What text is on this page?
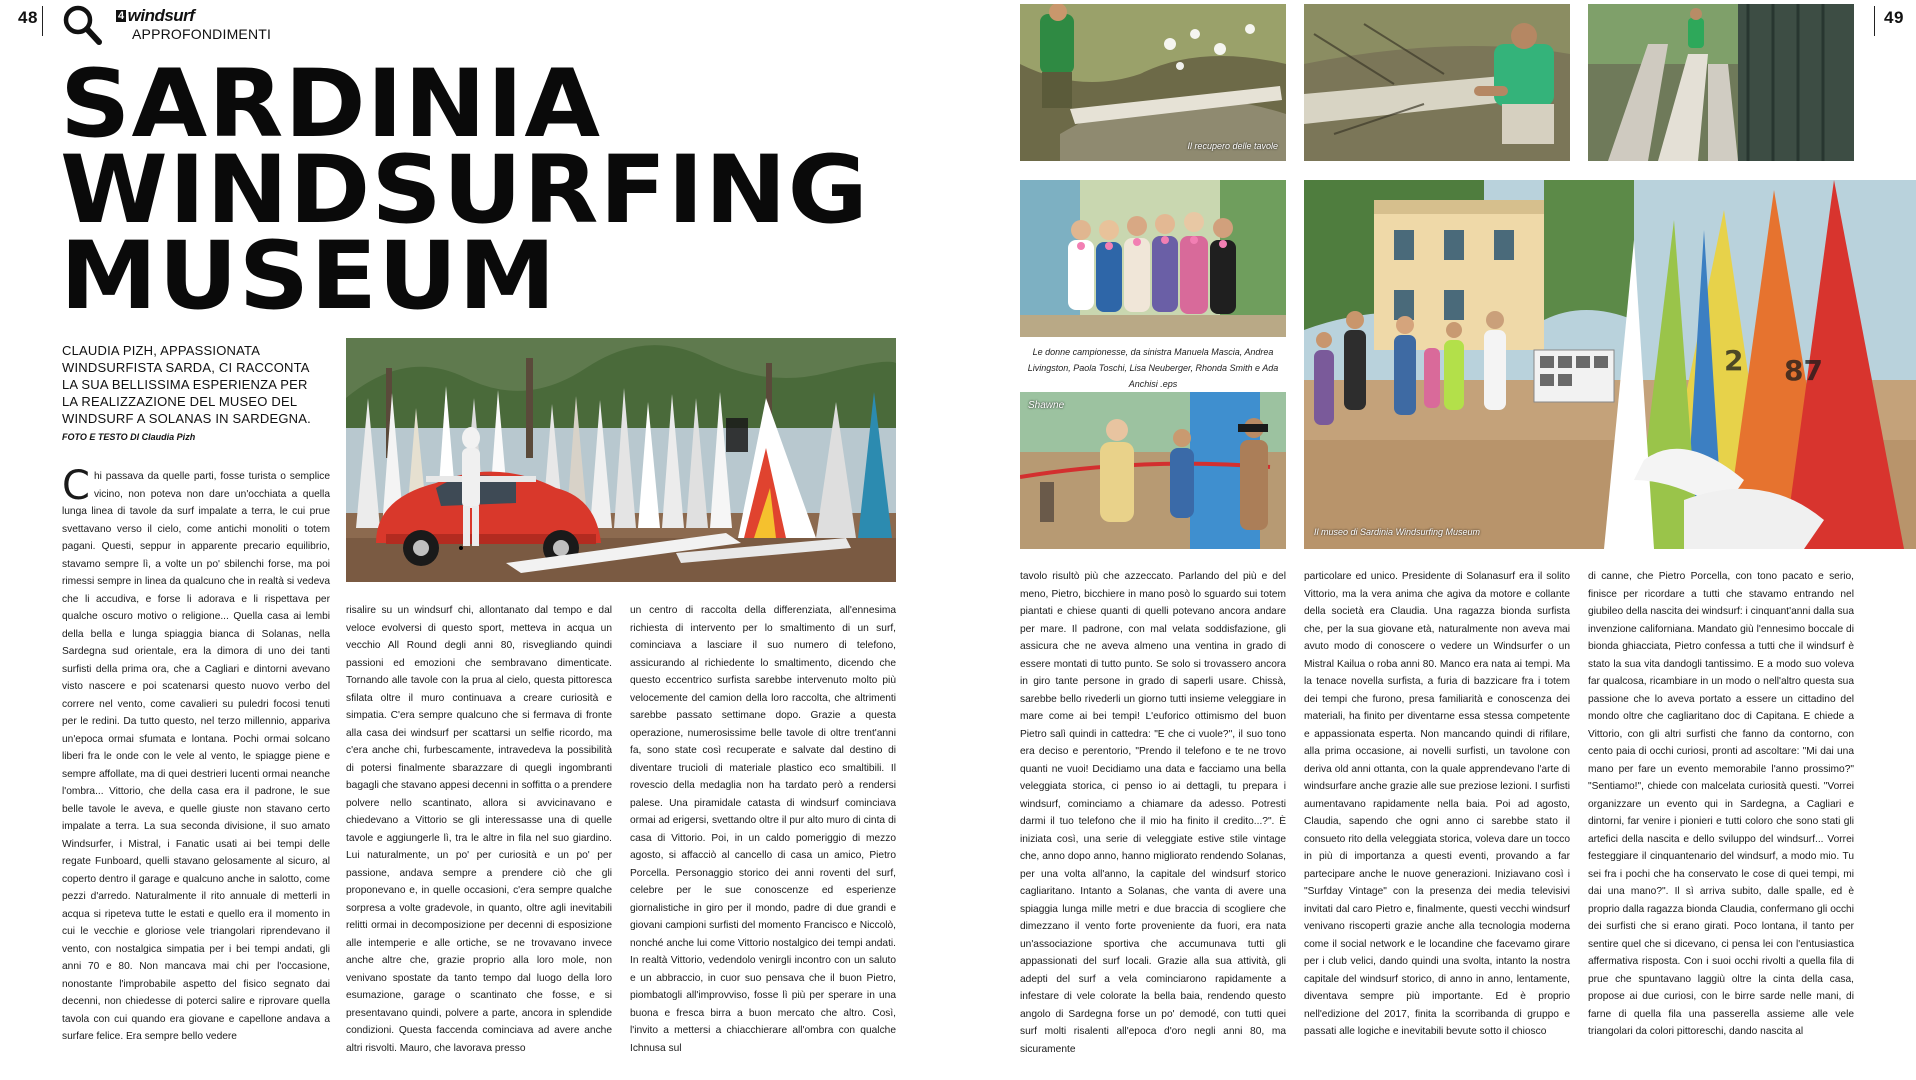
48	4 windsurf
APPROFONDIMENTI
SARDINIA
WINDSURFING
MUSEUM
CLAUDIA PIZH, APPASSIONATA WINDSURFISTA SARDA, CI RACCONTA LA SUA BELLISSIMA ESPERIENZA PER LA REALIZZAZIONE DEL MUSEO DEL WINDSURF A SOLANAS IN SARDEGNA.
FOTO E TESTO DI Claudia Pizh

Chi passava da quelle parti, fosse turista o semplice vicino, non poteva non dare un'occhiata a quella lunga linea di tavole da surf impalate a terra, le cui prue svettavano verso il cielo, come antichi monoliti o totem pagani. Questi, seppur in apparente precario equilibrio, stavamo sempre lì, a volte un po' sbilenchi forse, ma poi rimessi sempre in linea da qualcuno che in realtà si vedeva che li accudiva, e forse li adorava e li rispettava per qualche oscuro motivo o religione... Quella casa ai lembi della bella e lunga spiaggia bianca di Solanas, nella Sardegna sud orientale, era la dimora di uno dei tanti surfisti della prima ora, che a Cagliari e dintorni avevano visto nascere e poi scatenarsi questo nuovo verbo del correre nel vento, come cavalieri su puledri focosi tenuti per le redini. Da tutto questo, nel terzo millennio, appariva un'epoca ormai sfumata e lontana. Pochi ormai solcano liberi fra le onde con le vele al vento, le spiagge piene e sempre affollate, ma di quei destrieri lucenti ormai neanche l'ombra... Vittorio, che della casa era il padrone, le sue belle tavole le aveva, e quelle giuste non stavano certo impalate a terra. La sua seconda divisione, il suo amato Windsurfer, i Mistral, i Fanatic usati ai bei tempi delle regate Funboard, quelli stavano gelosamente al sicuro, al coperto dentro il garage e qualcuno anche in salotto, come pezzi d'arredo. Naturalmente il rito annuale di metterli in acqua si ripeteva tutte le estati e quello era il momento in cui le vecchie e gloriose vele triangolari riprendevano il vento, con nostalgica simpatia per i bei tempi andati, gli anni 70 e 80. Non mancava mai chi per l'occasione, nonostante l'improbabile aspetto del fisico segnato dai decenni, non chiedesse di poterci salire e riprovare quella tavola con cui quando era giovane e capellone andava a surfare felice. Era sempre bello vedere

risalire su un windsurf chi, allontanato dal tempo e dal veloce evolversi di questo sport, metteva in acqua un vecchio All Round degli anni 80, risvegliando quindi passioni ed emozioni che sembravano dimenticate. Tornando alle tavole con la prua al cielo, questa pittoresca sfilata oltre il muro continuava a creare curiosità e simpatia. C'era sempre qualcuno che si fermava di fronte alla casa dei windsurf per scattarsi un selfie ricordo, ma c'era anche chi, furbescamente, intravedeva la possibilità di potersi finalmente sbarazzare di quegli ingombranti bagagli che stavano appesi decenni in soffitta o a prendere polvere nello scantinato, allora si avvicinavano e chiedevano a Vittorio se gli interessasse una di quelle tavole e aggiungerle lì, tra le altre in fila nel suo giardino. Lui naturalmente, un po' per curiosità e un po' per passione, andava sempre a prendere ciò che gli proponevano e, in quelle occasioni, c'era sempre qualche sorpresa a volte gradevole, in quanto, oltre agli inevitabili relitti ormai in decomposizione per decenni di esposizione alle intemperie e alle ortiche, se ne trovavano invece anche altre che, grazie proprio alla loro mole, non venivano spostate da tanto tempo dal luogo della loro esumazione, garage o scantinato che fosse, e si presentavano quindi, polvere a parte, ancora in splendide condizioni. Questa faccenda cominciava ad avere anche altri risvolti. Mauro, che lavorava presso

un centro di raccolta della differenziata, all'ennesima richiesta di intervento per lo smaltimento di un surf, cominciava a lasciare il suo numero di telefono, assicurando al richiedente lo smaltimento, dicendo che questo eccentrico surfista sarebbe intervenuto molto più velocemente del camion della loro raccolta, che altrimenti sarebbe passato settimane dopo. Grazie a questa operazione, numerosissime belle tavole di oltre trent'anni fa, sono state così recuperate e salvate dal destino di diventare trucioli di materiale plastico eco smaltibili. Il rovescio della medaglia non ha tardato però a rendersi palese. Una piramidale catasta di windsurf cominciava ormai ad erigersi, svettando oltre il pur alto muro di cinta di casa di Vittorio. Poi, in un caldo pomeriggio di mezzo agosto, si affacciò al cancello di casa un amico, Pietro Porcella. Personaggio storico dei anni roventi del surf, celebre per le sue conoscenze ed esperienze giornalistiche in giro per il mondo, padre di due grandi e giovani campioni surfisti del momento Francisco e Niccolò, nonché anche lui come Vittorio nostalgico dei tempi andati. In realtà Vittorio, vedendolo venirgli incontro con un saluto e un abbraccio, in cuor suo pensava che il buon Pietro, piombatogli all'improvviso, fosse lì più per sperare in una buona e fresca birra a buon mercato che altro. Così, l'invito a mettersi a chiacchierare all'ombra con qualche Ichnusa sul

49
Il recupero delle tavole
Le donne campionesse, da sinistra Manuela Mascia, Andrea Livingston, Paola Toschi, Lisa Neuberger, Rhonda Smith e Ada Anchisi .eps
Shawne
87
2
Il museo di Sardinia Windsurfing Museum

tavolo risultò più che azzeccato. Parlando del più e del meno, Pietro, bicchiere in mano posò lo sguardo sui totem piantati e chiese quanti di quelli potevano ancora andare per mare. Il padrone, con mal velata soddisfazione, gli assicura che ne aveva almeno una ventina in grado di essere montati di tutto punto. Se solo si trovassero ancora in giro tante persone in grado di saperli usare. Chissà, sarebbe bello rivederli un giorno tutti insieme veleggiare in mare come ai bei tempi! L'euforico ottimismo del buon Pietro salì quindi in cattedra: "E che ci vuole?", il suo tono era deciso e perentorio, "Prendo il telefono e te ne trovo quanti ne vuoi! Decidiamo una data e facciamo una bella veleggiata storica, ci penso io ai dettagli, tu prepara i windsurf, cominciamo a chiamare da adesso. Potresti darmi il tuo telefono che il mio ha finito il credito...?". È iniziata così, una serie di veleggiate estive stile vintage che, anno dopo anno, hanno migliorato rendendo Solanas, per una volta all'anno, la capitale del windsurf storico cagliaritano. Intanto a Solanas, che vanta di avere una spiaggia lunga mille metri e due braccia di scogliere che dimezzano il vento forte proveniente da fuori, era nata un'associazione sportiva che accumunava tutti gli appassionati del surf locali. Grazie alla sua attività, gli adepti del surf a vela cominciarono rapidamente a infestare di vele colorate la bella baia, rendendo questo angolo di Sardegna forse un po' demodé, con tutti quei surf molti risalenti all'epoca d'oro negli anni 80, ma sicuramente

particolare ed unico. Presidente di Solanasurf era il solito Vittorio, ma la vera anima che agiva da motore e collante della società era Claudia. Una ragazza bionda surfista che, per la sua giovane età, naturalmente non aveva mai avuto modo di conoscere o vedere un Windsurfer o un Mistral Kailua o roba anni 80. Manco era nata ai tempi. Ma la tenace novella surfista, a furia di bazzicare fra i totem dei tempi che furono, presa familiarità e conoscenza dei materiali, ha finito per diventarne essa stessa competente e appassionata esperta. Non mancando quindi di rifilare, alla prima occasione, ai novelli surfisti, un tavolone con deriva old anni ottanta, con la quale apprendevano l'arte di windsurfare anche grazie alle sue preziose lezioni. I surfisti aumentavano rapidamente nella baia. Poi ad agosto, Claudia, sapendo che ogni anno ci sarebbe stato il consueto rito della veleggiata storica, voleva dare un tocco in più di importanza a questi eventi, provando a far partecipare anche le nuove generazioni. Iniziavano così i "Surfday Vintage" con la presenza dei media televisivi invitati dal caro Pietro e, finalmente, questi vecchi windsurf venivano riscoperti grazie anche alla tecnologia moderna come il social network e le locandine che facevamo girare per i club velici, dando quindi una svolta, intanto la nostra capitale del windsurf storico, di anno in anno, lentamente, diventava sempre più importante. Ed è proprio nell'edizione del 2017, finita la scorribanda di gruppo e passati alle logiche e inevitabili bevute sotto il chiosco

di canne, che Pietro Porcella, con tono pacato e serio, finisce per ricordare a tutti che stavamo entrando nel giubileo della nascita dei windsurf: i cinquant'anni dalla sua invenzione californiana. Mandato giù l'ennesimo boccale di bionda ghiacciata, Pietro confessa a tutti che il windsurf è stato la sua vita dandogli tantissimo. E a modo suo voleva far qualcosa, ricambiare in un modo o nell'altro questa sua passione che lo aveva portato a essere un cittadino del mondo oltre che cagliaritano doc di Capitana. E chiede a Vittorio, con gli altri surfisti che fanno da contorno, con cento paia di occhi curiosi, pronti ad ascoltare: "Mi dai una mano per fare un evento memorabile l'anno prossimo?" "Sentiamo!", chiede con malcelata curiosità questi. "Vorrei organizzare un evento qui in Sardegna, a Cagliari e dintorni, far venire i pionieri e tutti coloro che sono stati gli artefici della nascita e dello sviluppo del windsurf... Vorrei festeggiare il cinquantenario del windsurf, a modo mio. Tu sei fra i pochi che ha conservato le cose di quei tempi, mi dai una mano?". Il sì arriva subito, dalle spalle, ed è proprio dalla ragazza bionda Claudia, confermano gli occhi dei surfisti che si erano girati. Poco lontana, il tanto per sentire quel che si dicevano, ci pensa lei con l'entusiastica affermativa risposta. Con i suoi occhi rivolti a quella fila di prue che spuntavano laggiù oltre la cinta della casa, propose ai due curiosi, con le birre sarde nelle mani, di farne di quella fila una passerella assieme alle vele triangolari da colori pittoreschi, dando nascita al
